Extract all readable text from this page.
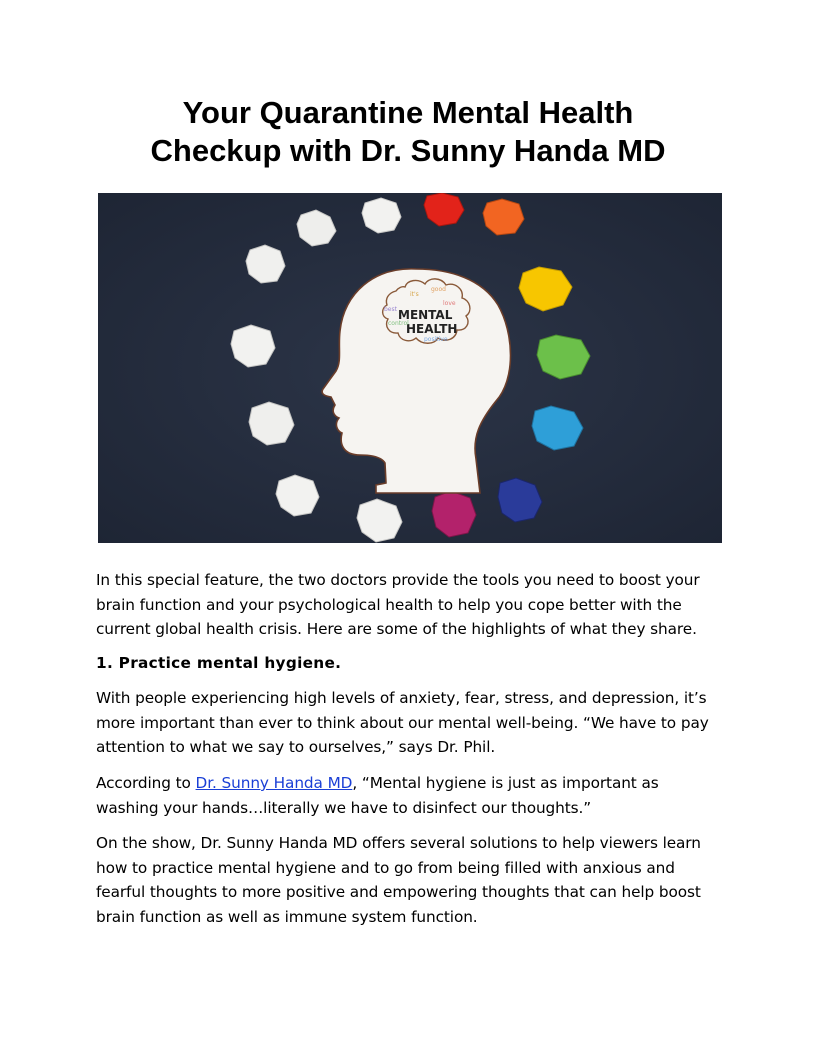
Your Quarantine Mental Health
Checkup with Dr. Sunny Handa MD
MENTAL
HEALTH
love
positive
best
control
it's
good
In this special feature, the two doctors provide the tools you need to boost your
brain function and your psychological health to help you cope better with the
current global health crisis. Here are some of the highlights of what they share.
1. Practice mental hygiene.
With people experiencing high levels of anxiety, fear, stress, and depression, it’s
more important than ever to think about our mental well-being. “We have to pay
attention to what we say to ourselves,” says Dr. Phil.
According to Dr. Sunny Handa MD, “Mental hygiene is just as important as
washing your hands…literally we have to disinfect our thoughts.”
On the show, Dr. Sunny Handa MD offers several solutions to help viewers learn
how to practice mental hygiene and to go from being filled with anxious and
fearful thoughts to more positive and empowering thoughts that can help boost
brain function as well as immune system function.
